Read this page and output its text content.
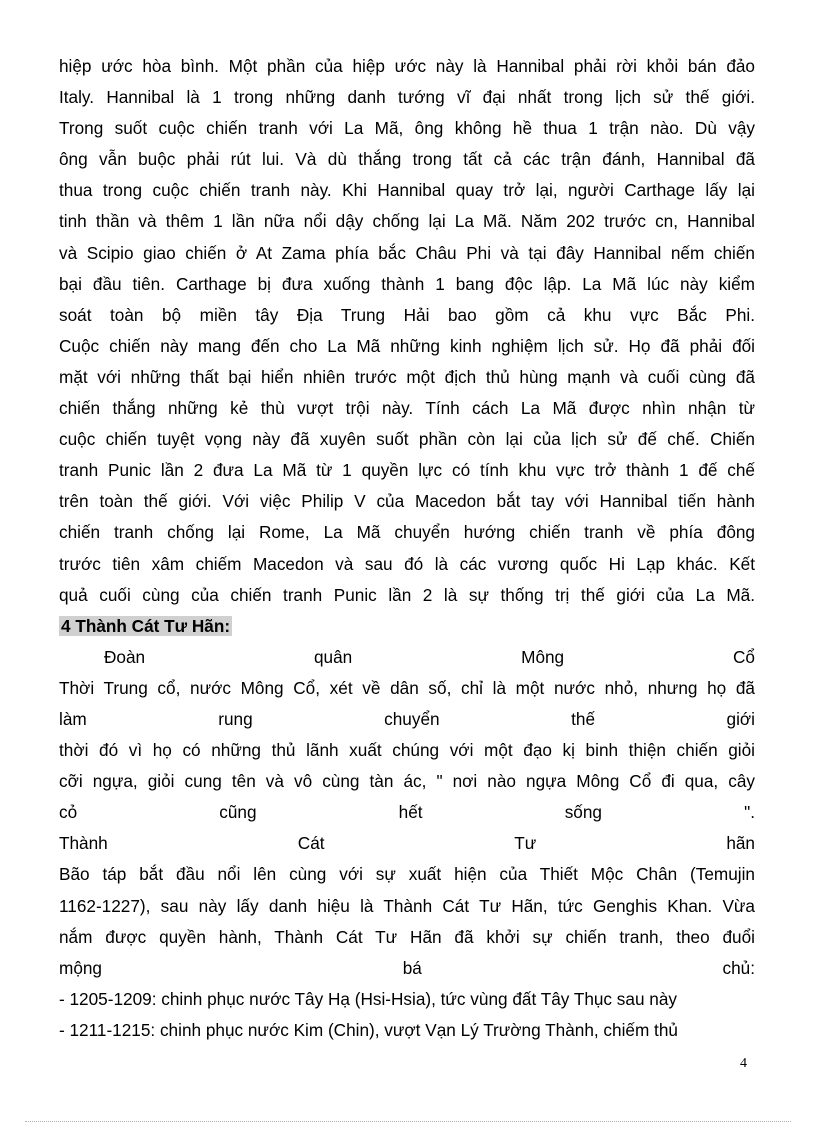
hiệp ước hòa bình. Một phần của hiệp ước này là Hannibal phải rời khỏi bán đảo
Italy. Hannibal là 1 trong những danh tướng vĩ đại nhất trong lịch sử thế giới.
Trong suốt cuộc chiến tranh với La Mã, ông không hề thua 1 trận nào. Dù vậy
ông vẫn buộc phải rút lui. Và dù thắng trong tất cả các trận đánh, Hannibal đã
thua trong cuộc chiến tranh này. Khi Hannibal quay trở lại, người Carthage lấy lại
tinh thần và thêm 1 lần nữa nổi dậy chống lại La Mã. Năm 202 trước cn, Hannibal
và Scipio giao chiến ở At Zama phía bắc Châu Phi và tại đây Hannibal nếm chiến
bại đầu tiên. Carthage bị đưa xuống thành 1 bang độc lập. La Mã lúc này kiểm
soát toàn bộ miền tây Địa Trung Hải bao gồm cả khu vực Bắc Phi.
Cuộc chiến này mang đến cho La Mã những kinh nghiệm lịch sử. Họ đã phải đối
mặt với những thất bại hiển nhiên trước một địch thủ hùng mạnh và cuối cùng đã
chiến thắng những kẻ thù vượt trội này. Tính cách La Mã được nhìn nhận từ
cuộc chiến tuyệt vọng này đã xuyên suốt phần còn lại của lịch sử đế chế. Chiến
tranh Punic lần 2 đưa La Mã từ 1 quyền lực có tính khu vực trở thành 1 đế chế
trên toàn thế giới. Với việc Philip V của Macedon bắt tay với Hannibal tiến hành
chiến tranh chống lại Rome, La Mã chuyển hướng chiến tranh về phía đông
trước tiên xâm chiếm Macedon và sau đó là các vương quốc Hi Lạp khác. Kết
quả cuối cùng của chiến tranh Punic lần 2 là sự thống trị thế giới của La Mã.
4 Thành Cát Tư Hãn:
Đoàn quân Mông Cổ
Thời Trung cổ, nước Mông Cổ, xét về dân số, chỉ là một nước nhỏ, nhưng họ đã
làm rung chuyển thế giới
thời đó vì họ có những thủ lãnh xuất chúng với một đạo kị binh thiện chiến giỏi
cỡi ngựa, giỏi cung tên và vô cùng tàn ác, " nơi nào ngựa Mông Cổ đi qua, cây
cỏ cũng hết sống ".
Thành Cát Tư hãn
Bão táp bắt đầu nổi lên cùng với sự xuất hiện của Thiết Mộc Chân (Temujin
1162-1227), sau này lấy danh hiệu là Thành Cát Tư Hãn, tức Genghis Khan. Vừa
nắm được quyền hành, Thành Cát Tư Hãn đã khởi sự chiến tranh, theo đuổi
mộng bá chủ:
- 1205-1209: chinh phục nước Tây Hạ (Hsi-Hsia), tức vùng đất Tây Thục sau này
- 1211-1215: chinh phục nước Kim (Chin), vượt Vạn Lý Trường Thành, chiếm thủ
4
